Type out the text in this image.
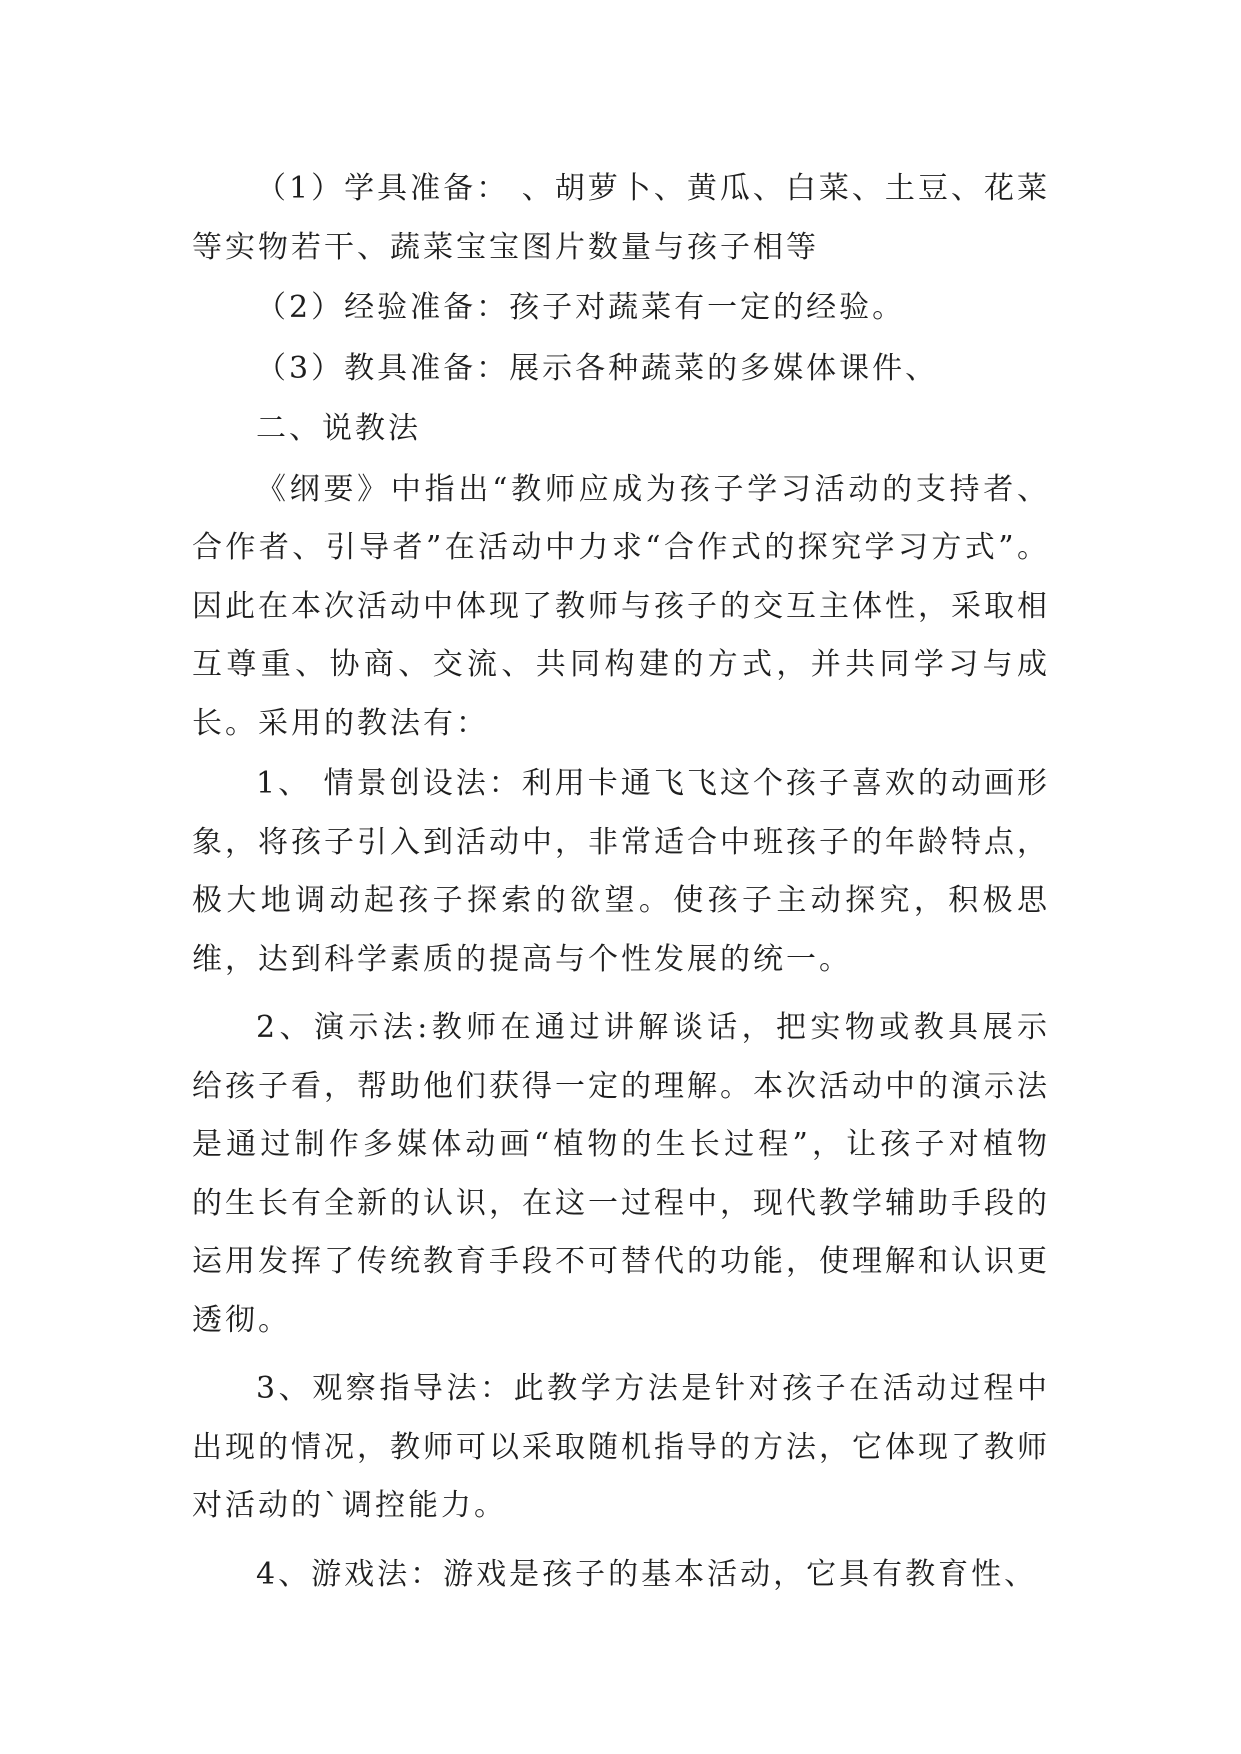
（1）学具准备： 、胡萝卜、黄瓜、白菜、土豆、花菜等实物若干、蔬菜宝宝图片数量与孩子相等

（2）经验准备：孩子对蔬菜有一定的经验。

（3）教具准备：展示各种蔬菜的多媒体课件、

二、说教法

《纲要》中指出“教师应成为孩子学习活动的支持者、合作者、引导者”在活动中力求“合作式的探究学习方式”。因此在本次活动中体现了教师与孩子的交互主体性，采取相互尊重、协商、交流、共同构建的方式，并共同学习与成长。采用的教法有：

1、 情景创设法：利用卡通飞飞这个孩子喜欢的动画形象，将孩子引入到活动中，非常适合中班孩子的年龄特点，极大地调动起孩子探索的欲望。使孩子主动探究，积极思维，达到科学素质的提高与个性发展的统一。

2、演示法:教师在通过讲解谈话，把实物或教具展示给孩子看，帮助他们获得一定的理解。本次活动中的演示法是通过制作多媒体动画“植物的生长过程”，让孩子对植物的生长有全新的认识，在这一过程中，现代教学辅助手段的运用发挥了传统教育手段不可替代的功能，使理解和认识更透彻。

3、观察指导法：此教学方法是针对孩子在活动过程中出现的情况，教师可以采取随机指导的方法，它体现了教师对活动的`调控能力。

4、游戏法：游戏是孩子的基本活动，它具有教育性、
